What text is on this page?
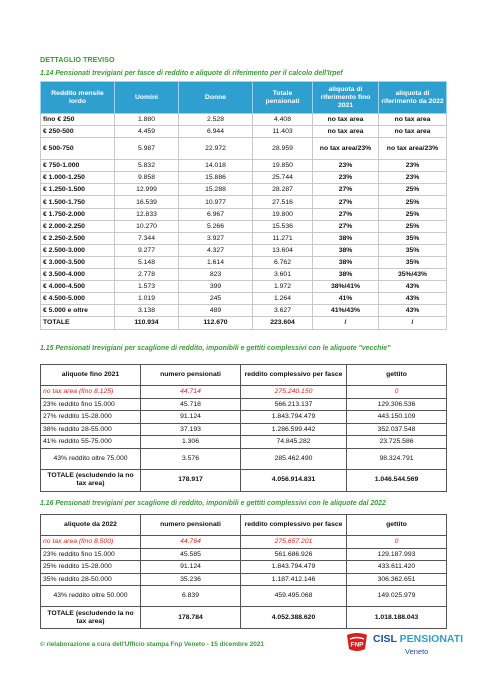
DETTAGLIO TREVISO
1.14 Pensionati trevigiani per fasce di reddito e aliquote di riferimento per il calcolo dell'Irpef
Reddito mensile lordo	Uomini	Donne	Totale pensionati	aliquota di riferimento fino 2021	aliquota di riferimento da 2022
fino € 250	1.880	2.528	4.408	no tax area	no tax area
€ 250-500	4.459	6.944	11.403	no tax area	no tax area
€ 500-750	5.987	22.972	28.959	no tax area/23%	no tax area/23%
€ 750-1.000	5.832	14.018	19.850	23%	23%
€ 1.000-1.250	9.858	15.886	25.744	23%	23%
€ 1.250-1.500	12.999	15.288	28.287	27%	25%
€ 1.500-1.750	16.539	10.977	27.516	27%	25%
€ 1.750-2.000	12.833	6.967	19.800	27%	25%
€ 2.000-2.250	10.270	5.266	15.536	27%	25%
€ 2.250-2.500	7.344	3.927	11.271	38%	35%
€ 2.500-3.000	9.277	4.327	13.604	38%	35%
€ 3.000-3.500	5.148	1.614	6.762	38%	35%
€ 3.500-4.000	2.778	823	3.601	38%	35%/43%
€ 4.000-4.500	1.573	399	1.972	38%/41%	43%
€ 4.500-5.000	1.019	245	1.264	41%	43%
€ 5.000 e oltre	3.138	489	3.627	41%/43%	43%
TOTALE	110.934	112.670	223.604	/	/
1.15 Pensionati trevigiani per scaglione di reddito, imponibili e gettiti complessivi con le aliquote "vecchie"
aliquote fino 2021	numero pensionati	reddito complessivo per fasce	gettito
no tax area (fino 8.125)	44.714	275.240.150	0
23% reddito fino 15.000	45.718	566.213.137	129.306.536
27% reddito 15-28.000	91.124	1.843.794.479	443.150.109
38% reddito 28-55.000	37.193	1.286.599.442	352.037.548
41% reddito 55-75.000	1.306	74.845.282	23.725.586
43% reddito oltre 75.000	3.576	285.462.490	98.324.791
TOTALE (escludendo la no tax area)	178.917	4.056.914.831	1.046.544.569
1.16 Pensionati trevigiani per scaglione di reddito, imponibili e gettiti complessivi con le aliquote dal 2022
aliquote da 2022	numero pensionati	reddito complessivo per fasce	gettito
no tax area (fino 8.500)	44.764	275.657.201	0
23% reddito fino 15.000	45.585	561.686.926	129.187.993
25% reddito 15-28.000	91.124	1.843.794.479	433.611.420
35% reddito 28-50.000	35.236	1.187.412.146	306.362.651
43% reddito oltre 50.000	6.839	459.495.068	149.025.979
TOTALE (escludendo la no tax area)	178.784	4.052.388.620	1.018.188.043
© rielaborazione a cura dell'Ufficio stampa Fnp Veneto - 15 dicembre 2021	FNP CISL PENSIONATI
Veneto
